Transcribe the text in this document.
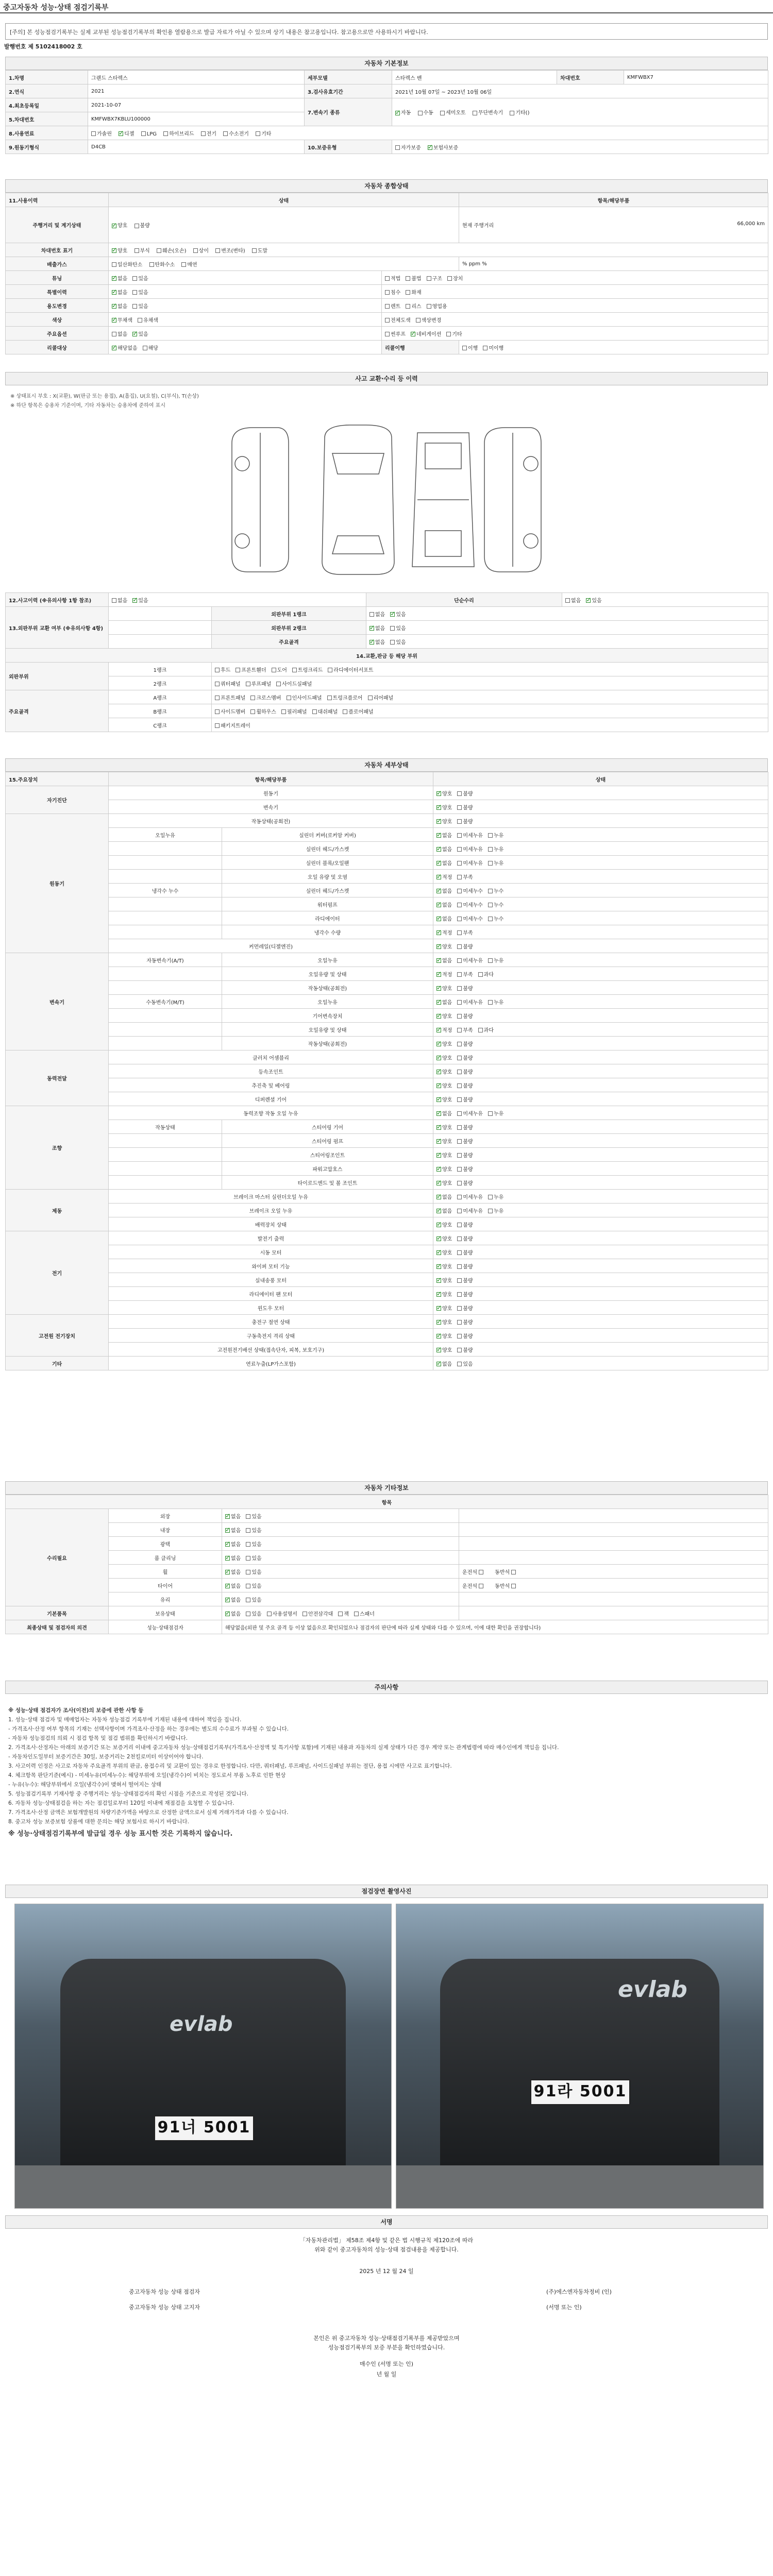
중고자동차 성능·상태 점검기록부
[주의] 본 성능점검기록부는 실제 교부된 성능점검기록부의 확인용 열람용으로 발급 자료가 아닐 수 있으며 상기 내용은 참고용입니다. 참고용으로만 사용하시기 바랍니다.
발행번호 제 5102418002 호
자동차 기본정보
1.차명	그랜드 스타렉스	세부모델	스타렉스 밴	차대번호	KMFWBX7
2.연식	2021	3.검사유효기간	2021년 10월 07일 ~ 2023년 10월 06일		
4.최초등록일	2021-10-07	7.변속기 종류	✓자동 수동 세미오토 무단변속기 기타()
5.차대번호	KMFWBX7KBLU100000				
8.사용연료	가솔린 ✓ 디젤 LPG 하이브리드 전기 수소전기 기타
9.원동기형식	D4CB	10.보증유형	자가보증 ✓ 보험사보증
자동차 종합상태
11.사용이력	상태		항목/해당부품
주행거리 및 계기상태	✓양호 불량		현재 주행거리 66,000 km

차대번호 표기	✓양호 부식 훼손(오손) 상이 변조(변타) 도말
배출가스	일산화탄소 탄화수소 매연		% ppm %
튜닝	✓없음 있음	적법 불법 구조 장치	
특별이력	✓없음 있음	침수 화재	
용도변경	✓없음 있음	렌트 리스 영업용	
색상	✓무채색 유채색	전체도색 색상변경	
주요옵션	없음 ✓ 있음	썬루프 ✓ 네비게이션 기타
리콜대상	✓해당없음 해당	리콜이행	이행 미이행
사고 교환·수리 등 이력
※ 상태표시 부호 : X(교환), W(판금 또는 용접), A(흠집), U(요철), C(부식), T(손상)
※ 하단 항목은 승용차 기준이며, 기타 자동차는 승용차에 준하여 표시
12.사고이력 (※유의사항 1항 참조)	없음 ✓ 있음		단순수리	없음 ✓ 있음
13.외판부위 교환 여부 (※유의사항 4항)		외판부위 1랭크	없음 ✓ 있음
		외판부위 2랭크	✓없음 있음
		주요골격	✓없음 있음
14.교환,판금 등 해당 부위				
외판부위	1랭크	후드 프론트휀더 도어 트렁크리드 라디에이터서포트		
	2랭크	쿼터패널 루프패널 사이드실패널		
주요골격	A랭크	프론트패널 크로스멤버 인사이드패널 트렁크플로어 리어패널		
	B랭크	사이드멤버 휠하우스 필러패널 대쉬패널 플로어패널		
	C랭크	패키지트레이		
자동차 세부상태
15.주요장치	항목/해당부품		상태
자기진단	원동기	✓양호 불량
	변속기	✓양호 불량
원동기	작동상태(공회전)	✓양호 불량
	오일누유	실린더 커버(로커암 커버)	✓없음 미세누유 누유
		실린더 헤드/가스켓	✓없음 미세누유 누유
		실린더 블록/오일팬	✓없음 미세누유 누유
		오일 유량 및 오염	✓적정 부족
	냉각수 누수	실린더 헤드/가스켓	✓없음 미세누수 누수
		워터펌프	✓없음 미세누수 누수
		라디에이터	✓없음 미세누수 누수
		냉각수 수량	✓적정 부족
	커먼레일(디젤엔진)	✓양호 불량
변속기	자동변속기(A/T)	오일누유	✓없음 미세누유 누유
		오일유량 및 상태	✓적정 부족 과다
		작동상태(공회전)	✓양호 불량
	수동변속기(M/T)	오일누유	✓없음 미세누유 누유
		기어변속장치	✓양호 불량
		오일유량 및 상태	✓적정 부족 과다
		작동상태(공회전)	✓양호 불량
동력전달	클러치 어셈블리	✓양호 불량
	등속조인트	✓양호 불량
	추진축 및 베어링	✓양호 불량
	디퍼렌셜 기어	✓양호 불량
조향	동력조향 작동 오일 누유	✓없음 미세누유 누유
	작동상태	스티어링 기어	✓양호 불량
		스티어링 펌프	✓양호 불량
		스티어링조인트	✓양호 불량
		파워고압호스	✓양호 불량
		타이로드엔드 및 볼 조인트	✓양호 불량
제동	브레이크 마스터 실린더오일 누유	✓없음 미세누유 누유
	브레이크 오일 누유	✓없음 미세누유 누유
	배력장치 상태	✓양호 불량
전기	발전기 출력	✓양호 불량
	시동 모터	✓양호 불량
	와이퍼 모터 기능	✓양호 불량
	실내송풍 모터	✓양호 불량
	라디에이터 팬 모터	✓양호 불량
	윈도우 모터	✓양호 불량
고전원 전기장치	충전구 절연 상태	✓양호 불량
	구동축전지 격리 상태	✓양호 불량
	고전원전기배선 상태(접속단자, 피복, 보호기구)	✓양호 불량
기타	연료누출(LP가스포함)	✓없음 있음
자동차 기타정보
항목			
수리필요	외장	✓없음 있음	
	내장	✓없음 있음	
	광택	✓없음 있음	
	룸 클리닝	✓없음 있음	
	휠	✓없음 있음	운전석 동반석
	타이어	✓없음 있음	운전석 동반석
	유리	✓없음 있음	
기본품목	보유상태	✓없음 있음 사용설명서 안전삼각대 잭 스패너	
최종상태 및 점검자의 의견	성능·상태점검자	해당없음(외판 및 주요 골격 등 이상 없음으로 확인되었으나 점검자의 판단에 따라 실제 상태와 다를 수 있으며, 이에 대한 확인을 권장합니다)	
주의사항

※ 성능·상태 점검자가 조사(이전)의 보증에 관한 사항 등

1. 성능·상태 점검자 및 매매업자는 자동차 성능점검 기록부에 기재된 내용에 대하여 책임을 집니다.

- 가격조사·산정 여부 항목의 기재는 선택사항이며 가격조사·산정을 하는 경우에는 별도의 수수료가 부과될 수 있습니다.

- 자동차 성능점검의 의뢰 시 점검 항목 및 점검 범위를 확인하시기 바랍니다.

2. 가격조사·산정자는 아래의 보증기간 또는 보증거리 이내에 중고자동차 성능·상태점검기록부(가격조사·산정액 및 특기사항 포함)에 기재된 내용과 자동차의 실제 상태가 다른 경우 계약 또는 관계법령에 따라 매수인에게 책임을 집니다.

- 자동차인도일부터 보증기간은 30일, 보증거리는 2천킬로미터 이상이어야 합니다.

3. 사고이력 인정은 사고로 자동차 주요골격 부위의 판금, 용접수리 및 교환이 있는 경우로 한정합니다. 다만, 쿼터패널, 루프패널, 사이드실패널 부위는 절단, 용접 시에만 사고로 표기합니다.

4. 체크항목 판단기준(예시) - 미세누유(미세누수): 해당부위에 오일(냉각수)이 비치는 정도로서 부품 노후로 인한 현상

- 누유(누수): 해당부위에서 오일(냉각수)이 맺혀서 떨어지는 상태

5. 성능점검기록부 기재사항 중 주행거리는 성능·상태점검자의 확인 시점을 기준으로 작성된 것입니다.

6. 자동차 성능·상태점검을 하는 자는 점검일로부터 120일 이내에 재점검을 요청할 수 있습니다.

7. 가격조사·산정 금액은 보험개발원의 차량기준가액을 바탕으로 산정한 금액으로서 실제 거래가격과 다를 수 있습니다.

8. 중고차 성능 보증보험 상품에 대한 문의는 해당 보험사로 하시기 바랍니다.

※ 성능·상태점검기록부에 발급일 경우 성능 표시한 것은 기록하지 않습니다.

점검장면 촬영사진
evlab
91너 5001
evlab
91라 5001
서명
「자동차관리법」 제58조 제4항 및 같은 법 시행규칙 제120조에 따라
위와 같이 중고자동차의 성능·상태 점검내용을 제공합니다.
2025 년 12 월 24 일
중고자동차 성능 상태 점검자	(주)에스엔자동차정비 (인)
중고자동차 성능 상태 고지자	(서명 또는 인)
본인은 위 중고자동차 성능·상태점검기록부를 제공받았으며
성능점검기록부의 보증 부분을 확인하였습니다.
매수인 (서명 또는 인)
년 월 일
